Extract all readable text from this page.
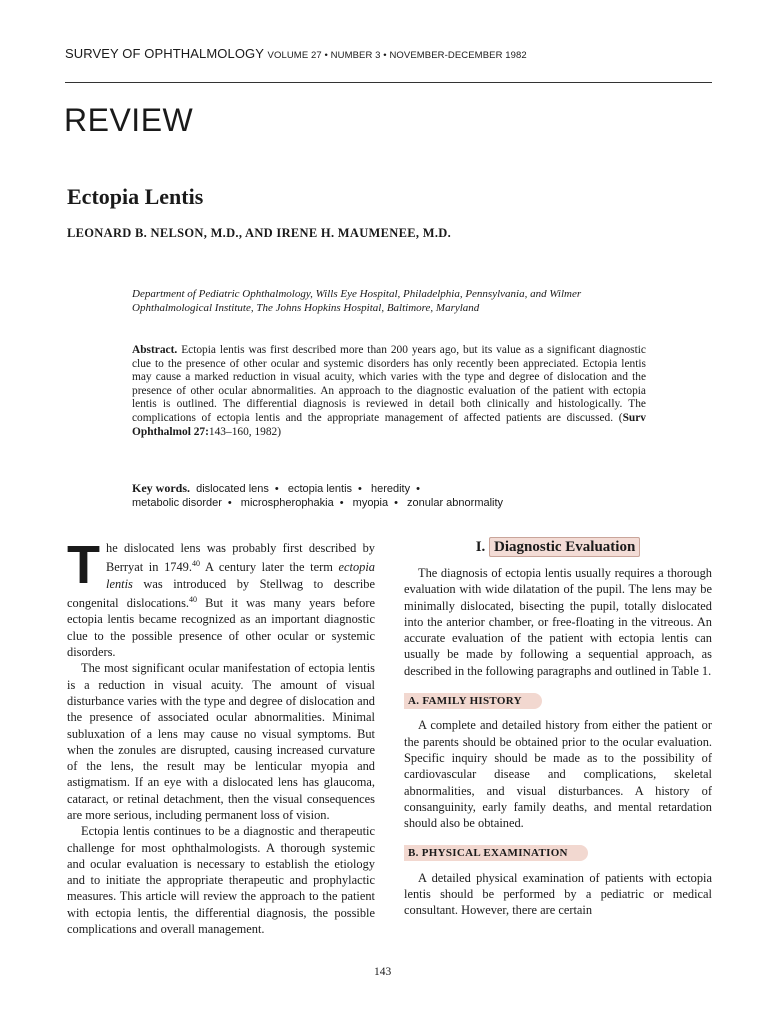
SURVEY OF OPHTHALMOLOGY VOLUME 27 • NUMBER 3 • NOVEMBER-DECEMBER 1982
REVIEW
Ectopia Lentis
LEONARD B. NELSON, M.D., AND IRENE H. MAUMENEE, M.D.
Department of Pediatric Ophthalmology, Wills Eye Hospital, Philadelphia, Pennsylvania, and Wilmer Ophthalmological Institute, The Johns Hopkins Hospital, Baltimore, Maryland
Abstract. Ectopia lentis was first described more than 200 years ago, but its value as a significant diagnostic clue to the presence of other ocular and systemic disorders has only recently been appreciated. Ectopia lentis may cause a marked reduction in visual acuity, which varies with the type and degree of dislocation and the presence of other ocular abnormalities. An approach to the diagnostic evaluation of the patient with ectopia lentis is outlined. The differential diagnosis is reviewed in detail both clinically and histologically. The complications of ectopia lentis and the appropriate management of affected patients are discussed. (Surv Ophthalmol 27:143–160, 1982)
Key words. dislocated lens • ectopia lentis • heredity •
metabolic disorder • microspherophakia • myopia • zonular abnormality

The dislocated lens was probably first described by Berryat in 1749.40 A century later the term ectopia lentis was introduced by Stellwag to describe congenital dislocations.$^{40}$ But it was many years before ectopia lentis became recognized as an important diagnostic clue to the possible presence of other ocular or systemic disorders.

The most significant ocular manifestation of ectopia lentis is a reduction in visual acuity. The amount of visual disturbance varies with the type and degree of dislocation and the presence of associated ocular abnormalities. Minimal subluxation of a lens may cause no visual symptoms. But when the zonules are disrupted, causing increased curvature of the lens, the result may be lenticular myopia and astigmatism. If an eye with a dislocated lens has glaucoma, cataract, or retinal detachment, then the visual consequences are more serious, including permanent loss of vision.

Ectopia lentis continues to be a diagnostic and therapeutic challenge for most ophthalmologists. A thorough systemic and ocular evaluation is necessary to establish the etiology and to initiate the appropriate therapeutic and prophylactic measures. This article will review the approach to the patient with ectopia lentis, the differential diagnosis, the possible complications and overall management.

I. Diagnostic Evaluation

The diagnosis of ectopia lentis usually requires a thorough evaluation with wide dilatation of the pupil. The lens may be minimally dislocated, bisecting the pupil, totally dislocated into the anterior chamber, or free-floating in the vitreous. An accurate evaluation of the patient with ectopia lentis can usually be made by following a sequential approach, as described in the following paragraphs and outlined in Table 1.

A. FAMILY HISTORY

A complete and detailed history from either the patient or the parents should be obtained prior to the ocular evaluation. Specific inquiry should be made as to the possibility of cardiovascular disease and complications, skeletal abnormalities, and visual disturbances. A history of consanguinity, early family deaths, and mental retardation should also be obtained.

B. PHYSICAL EXAMINATION

A detailed physical examination of patients with ectopia lentis should be performed by a pediatric or medical consultant. However, there are certain

143
